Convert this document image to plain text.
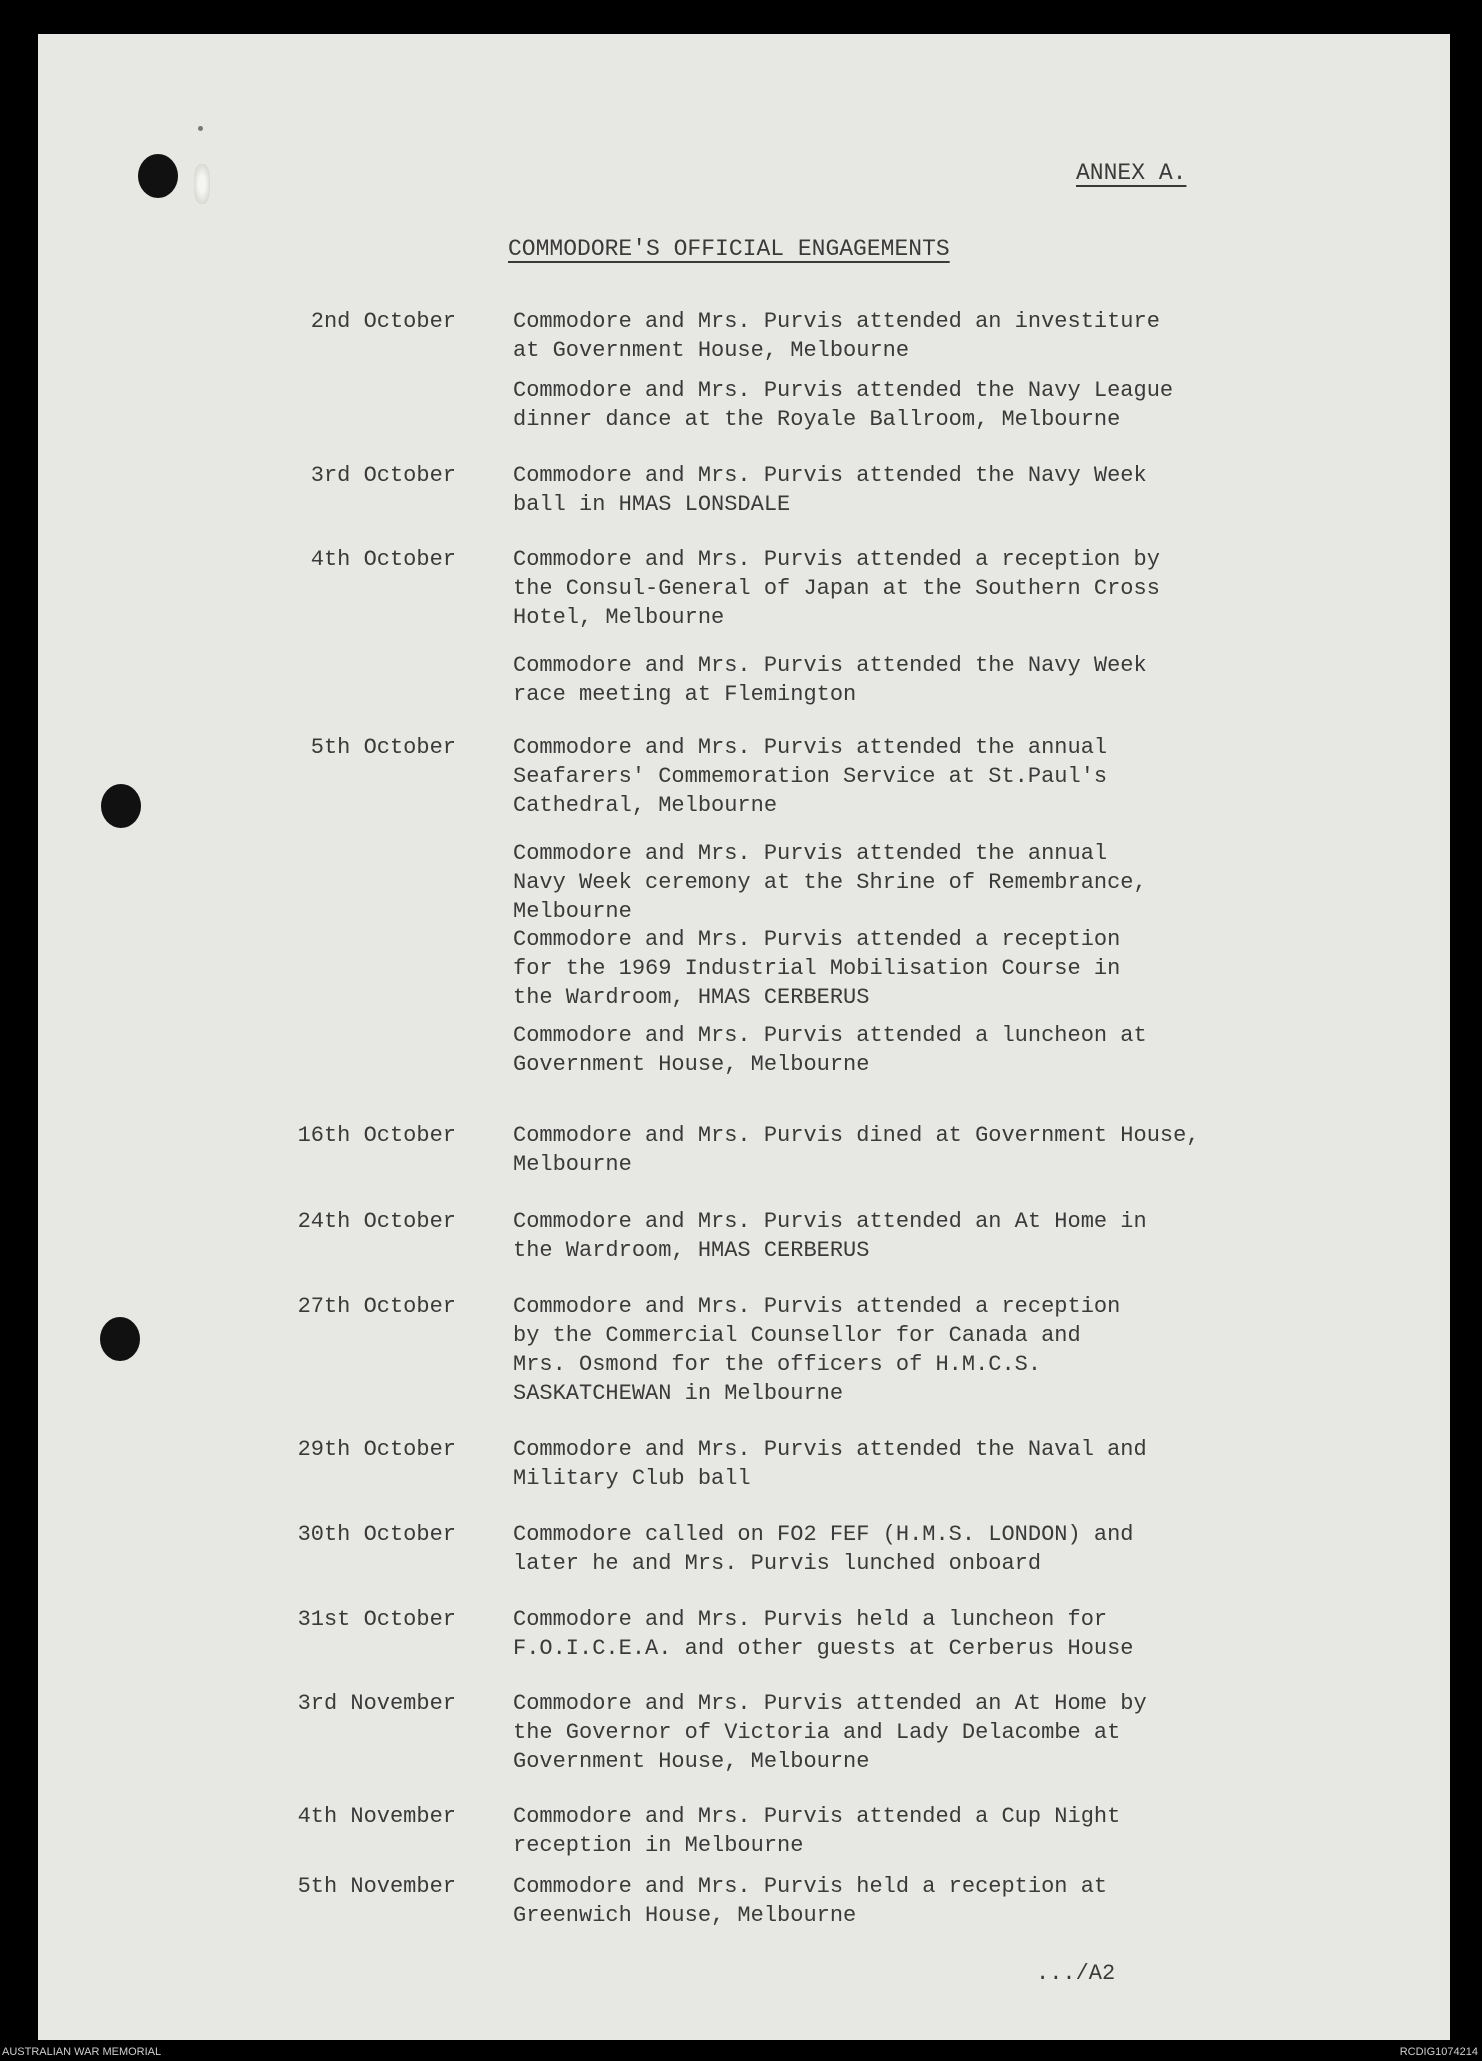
ANNEX A.
COMMODORE'S OFFICIAL ENGAGEMENTS
.../A2
2nd October	Commodore and Mrs. Purvis attended an investiture
at Government House, Melbourne
Commodore and Mrs. Purvis attended the Navy League
dinner dance at the Royale Ballroom, Melbourne
3rd October	Commodore and Mrs. Purvis attended the Navy Week
ball in HMAS LONSDALE
4th October	Commodore and Mrs. Purvis attended a reception by
the Consul-General of Japan at the Southern Cross
Hotel, Melbourne
Commodore and Mrs. Purvis attended the Navy Week
race meeting at Flemington
5th October	Commodore and Mrs. Purvis attended the annual
Seafarers' Commemoration Service at St.Paul's
Cathedral, Melbourne
Commodore and Mrs. Purvis attended the annual
Navy Week ceremony at the Shrine of Remembrance,
Melbourne
Commodore and Mrs. Purvis attended a reception
for the 1969 Industrial Mobilisation Course in
the Wardroom, HMAS CERBERUS
Commodore and Mrs. Purvis attended a luncheon at
Government House, Melbourne
16th October	Commodore and Mrs. Purvis dined at Government House,
Melbourne
24th October	Commodore and Mrs. Purvis attended an At Home in
the Wardroom, HMAS CERBERUS
27th October	Commodore and Mrs. Purvis attended a reception
by the Commercial Counsellor for Canada and
Mrs. Osmond for the officers of H.M.C.S.
SASKATCHEWAN in Melbourne
29th October	Commodore and Mrs. Purvis attended the Naval and
Military Club ball
30th October	Commodore called on FO2 FEF (H.M.S. LONDON) and
later he and Mrs. Purvis lunched onboard
31st October	Commodore and Mrs. Purvis held a luncheon for
F.O.I.C.E.A. and other guests at Cerberus House
3rd November	Commodore and Mrs. Purvis attended an At Home by
the Governor of Victoria and Lady Delacombe at
Government House, Melbourne
4th November	Commodore and Mrs. Purvis attended a Cup Night
reception in Melbourne
5th November	Commodore and Mrs. Purvis held a reception at
Greenwich House, Melbourne
AUSTRALIAN WAR MEMORIAL	RCDIG1074214
